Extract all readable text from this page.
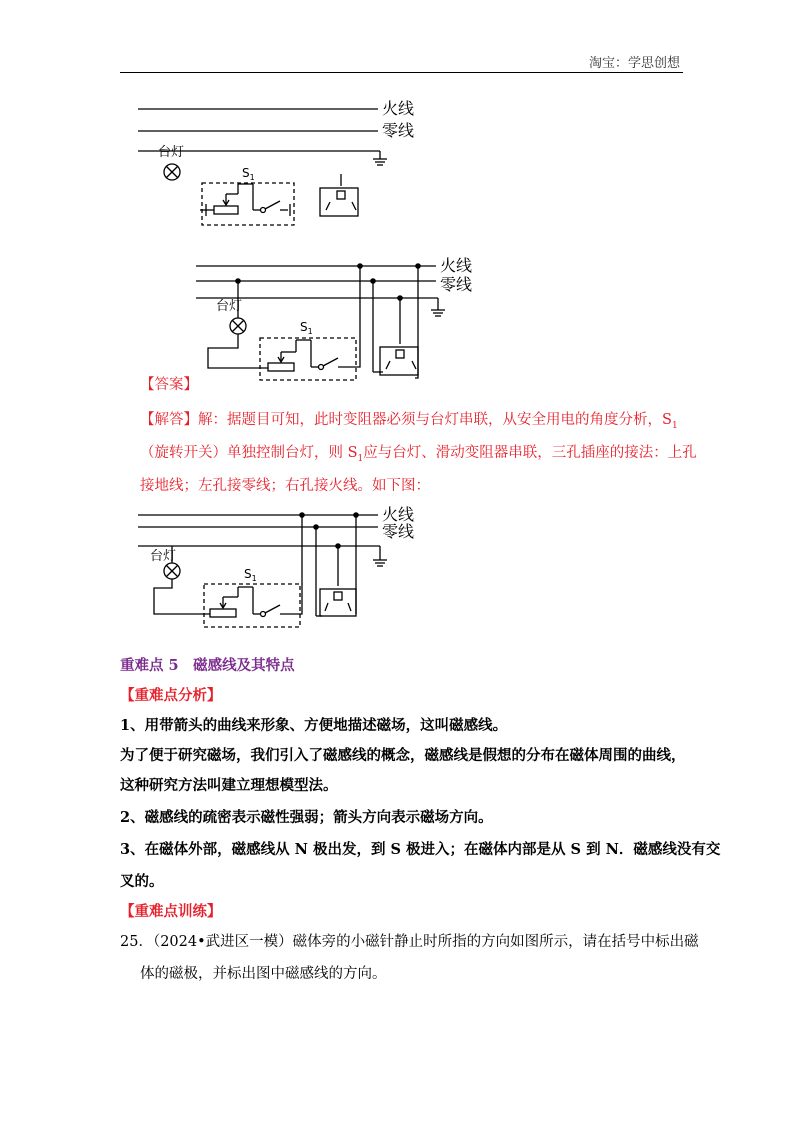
淘宝：学思创想
火线
零线
台灯
$S_1$
火线
零线
台灯
$S_1$

【答案】

【解答】解：据题目可知，此时变阻器必须与台灯串联，从安全用电的角度分析，$S_1$

（旋转开关）单独控制台灯，则 $S_1$应与台灯、滑动变阻器串联，三孔插座的接法：上孔

接地线；左孔接零线；右孔接火线。如下图：

火线
零线
台灯
$S_1$

重难点 5　磁感线及其特点

【重难点分析】

1、用带箭头的曲线来形象、方便地描述磁场，这叫磁感线。

为了便于研究磁场，我们引入了磁感线的概念，磁感线是假想的分布在磁体周围的曲线，

这种研究方法叫建立理想模型法。

2、磁感线的疏密表示磁性强弱；箭头方向表示磁场方向。

3、在磁体外部，磁感线从 N 极出发，到 S 极进入；在磁体内部是从 S 到 N．磁感线没有交

叉的。

【重难点训练】

25．（2024•武进区一模）磁体旁的小磁针静止时所指的方向如图所示，请在括号中标出磁

体的磁极，并标出图中磁感线的方向。
